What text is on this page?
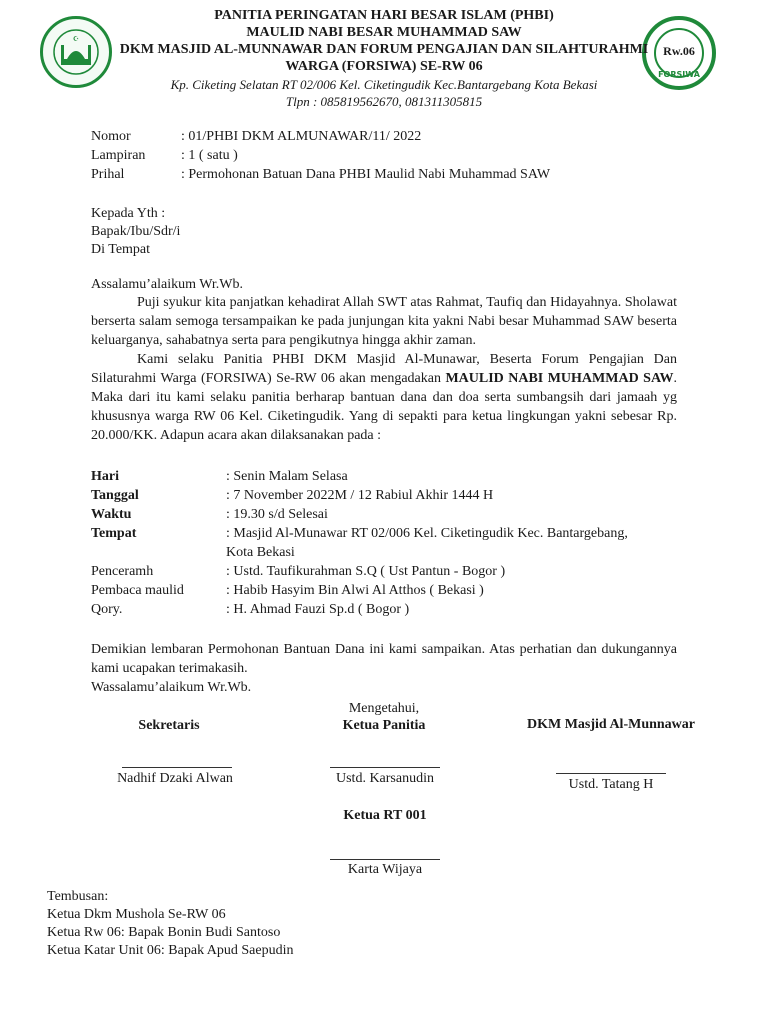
☪
Rw.06
FORSIWA
PANITIA PERINGATAN HARI BESAR ISLAM (PHBI)
MAULID NABI BESAR MUHAMMAD SAW
DKM MASJID AL-MUNNAWAR DAN FORUM PENGAJIAN DAN SILAHTURAHMI
WARGA (FORSIWA) SE-RW 06
Kp. Ciketing Selatan RT 02/006 Kel. Ciketingudik Kec.Bantargebang Kota Bekasi
Tlpn : 085819562670, 081311305815
Nomor	: 01/PHBI DKM ALMUNAWAR/11/ 2022
Lampiran	: 1 ( satu )
Prihal	: Permohonan Batuan Dana PHBI Maulid Nabi Muhammad SAW
Kepada Yth :
Bapak/Ibu/Sdr/i
Di Tempat
Assalamu’alaikum Wr.Wb.

Puji syukur kita panjatkan kehadirat Allah SWT atas Rahmat, Taufiq dan Hidayahnya. Sholawat berserta salam semoga tersampaikan ke pada junjungan kita yakni Nabi besar Muhammad SAW beserta keluarganya, sahabatnya serta para pengikutnya hingga akhir zaman.

Kami selaku Panitia PHBI DKM Masjid Al-Munawar, Beserta Forum Pengajian Dan Silaturahmi Warga (FORSIWA) Se-RW 06 akan mengadakan MAULID NABI MUHAMMAD SAW. Maka dari itu kami selaku panitia berharap bantuan dana dan doa serta sumbangsih dari jamaah yg khususnya warga RW 06 Kel. Ciketingudik. Yang di sepakti para ketua lingkungan yakni sebesar Rp. 20.000/KK. Adapun acara akan dilaksanakan pada :

Hari	: Senin Malam Selasa
Tanggal	: 7 November 2022M / 12 Rabiul Akhir 1444 H
Waktu	: 19.30 s/d Selesai
Tempat	: Masjid Al-Munawar RT 02/006 Kel. Ciketingudik Kec. Bantargebang,
Kota Bekasi
Penceramh	: Ustd. Taufikurahman S.Q ( Ust Pantun - Bogor )
Pembaca maulid	: Habib Hasyim Bin Alwi Al Atthos ( Bekasi )
Qory.	: H. Ahmad Fauzi Sp.d ( Bogor )

Demikian lembaran Permohonan Bantuan Dana ini kami sampaikan. Atas perhatian dan dukungannya kami ucapakan terimakasih.

Wassalamu’alaikum Wr.Wb.

Mengetahui,
Sekretaris	Ketua Panitia	DKM Masjid Al-Munnawar
Nadhif Dzaki Alwan	Ustd. Karsanudin	Ustd. Tatang H
Ketua RT 001
Karta Wijaya
Tembusan:
Ketua Dkm Mushola Se-RW 06
Ketua Rw 06: Bapak Bonin Budi Santoso
Ketua Katar Unit 06: Bapak Apud Saepudin
